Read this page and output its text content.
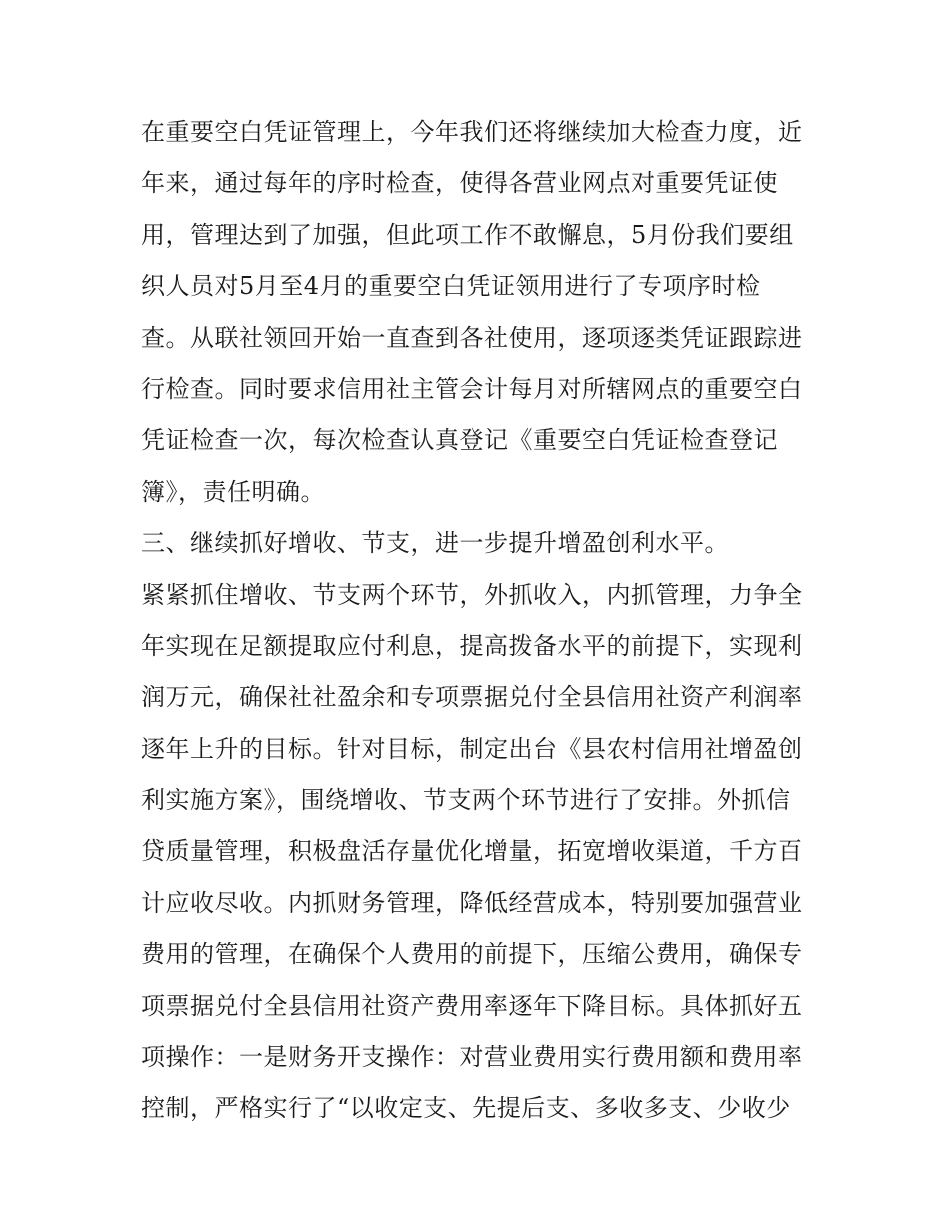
在重要空白凭证管理上，今年我们还将继续加大检查力度，近
年来，通过每年的序时检查，使得各营业网点对重要凭证使
用，管理达到了加强，但此项工作不敢懈息，5月份我们要组
织人员对5月至4月的重要空白凭证领用进行了专项序时检
查。从联社领回开始一直查到各社使用，逐项逐类凭证跟踪进
行检查。同时要求信用社主管会计每月对所辖网点的重要空白
凭证检查一次，每次检查认真登记《重要空白凭证检查登记
簿》，责任明确。
三、继续抓好增收、节支，进一步提升增盈创利水平。
紧紧抓住增收、节支两个环节，外抓收入，内抓管理，力争全
年实现在足额提取应付利息，提高拨备水平的前提下，实现利
润万元，确保社社盈余和专项票据兑付全县信用社资产利润率
逐年上升的目标。针对目标，制定出台《县农村信用社增盈创
利实施方案》，围绕增收、节支两个环节进行了安排。外抓信
贷质量管理，积极盘活存量优化增量，拓宽增收渠道，千方百
计应收尽收。内抓财务管理，降低经营成本，特别要加强营业
费用的管理，在确保个人费用的前提下，压缩公费用，确保专
项票据兑付全县信用社资产费用率逐年下降目标。具体抓好五
项操作：一是财务开支操作：对营业费用实行费用额和费用率
控制，严格实行了“以收定支、先提后支、多收多支、少收少
